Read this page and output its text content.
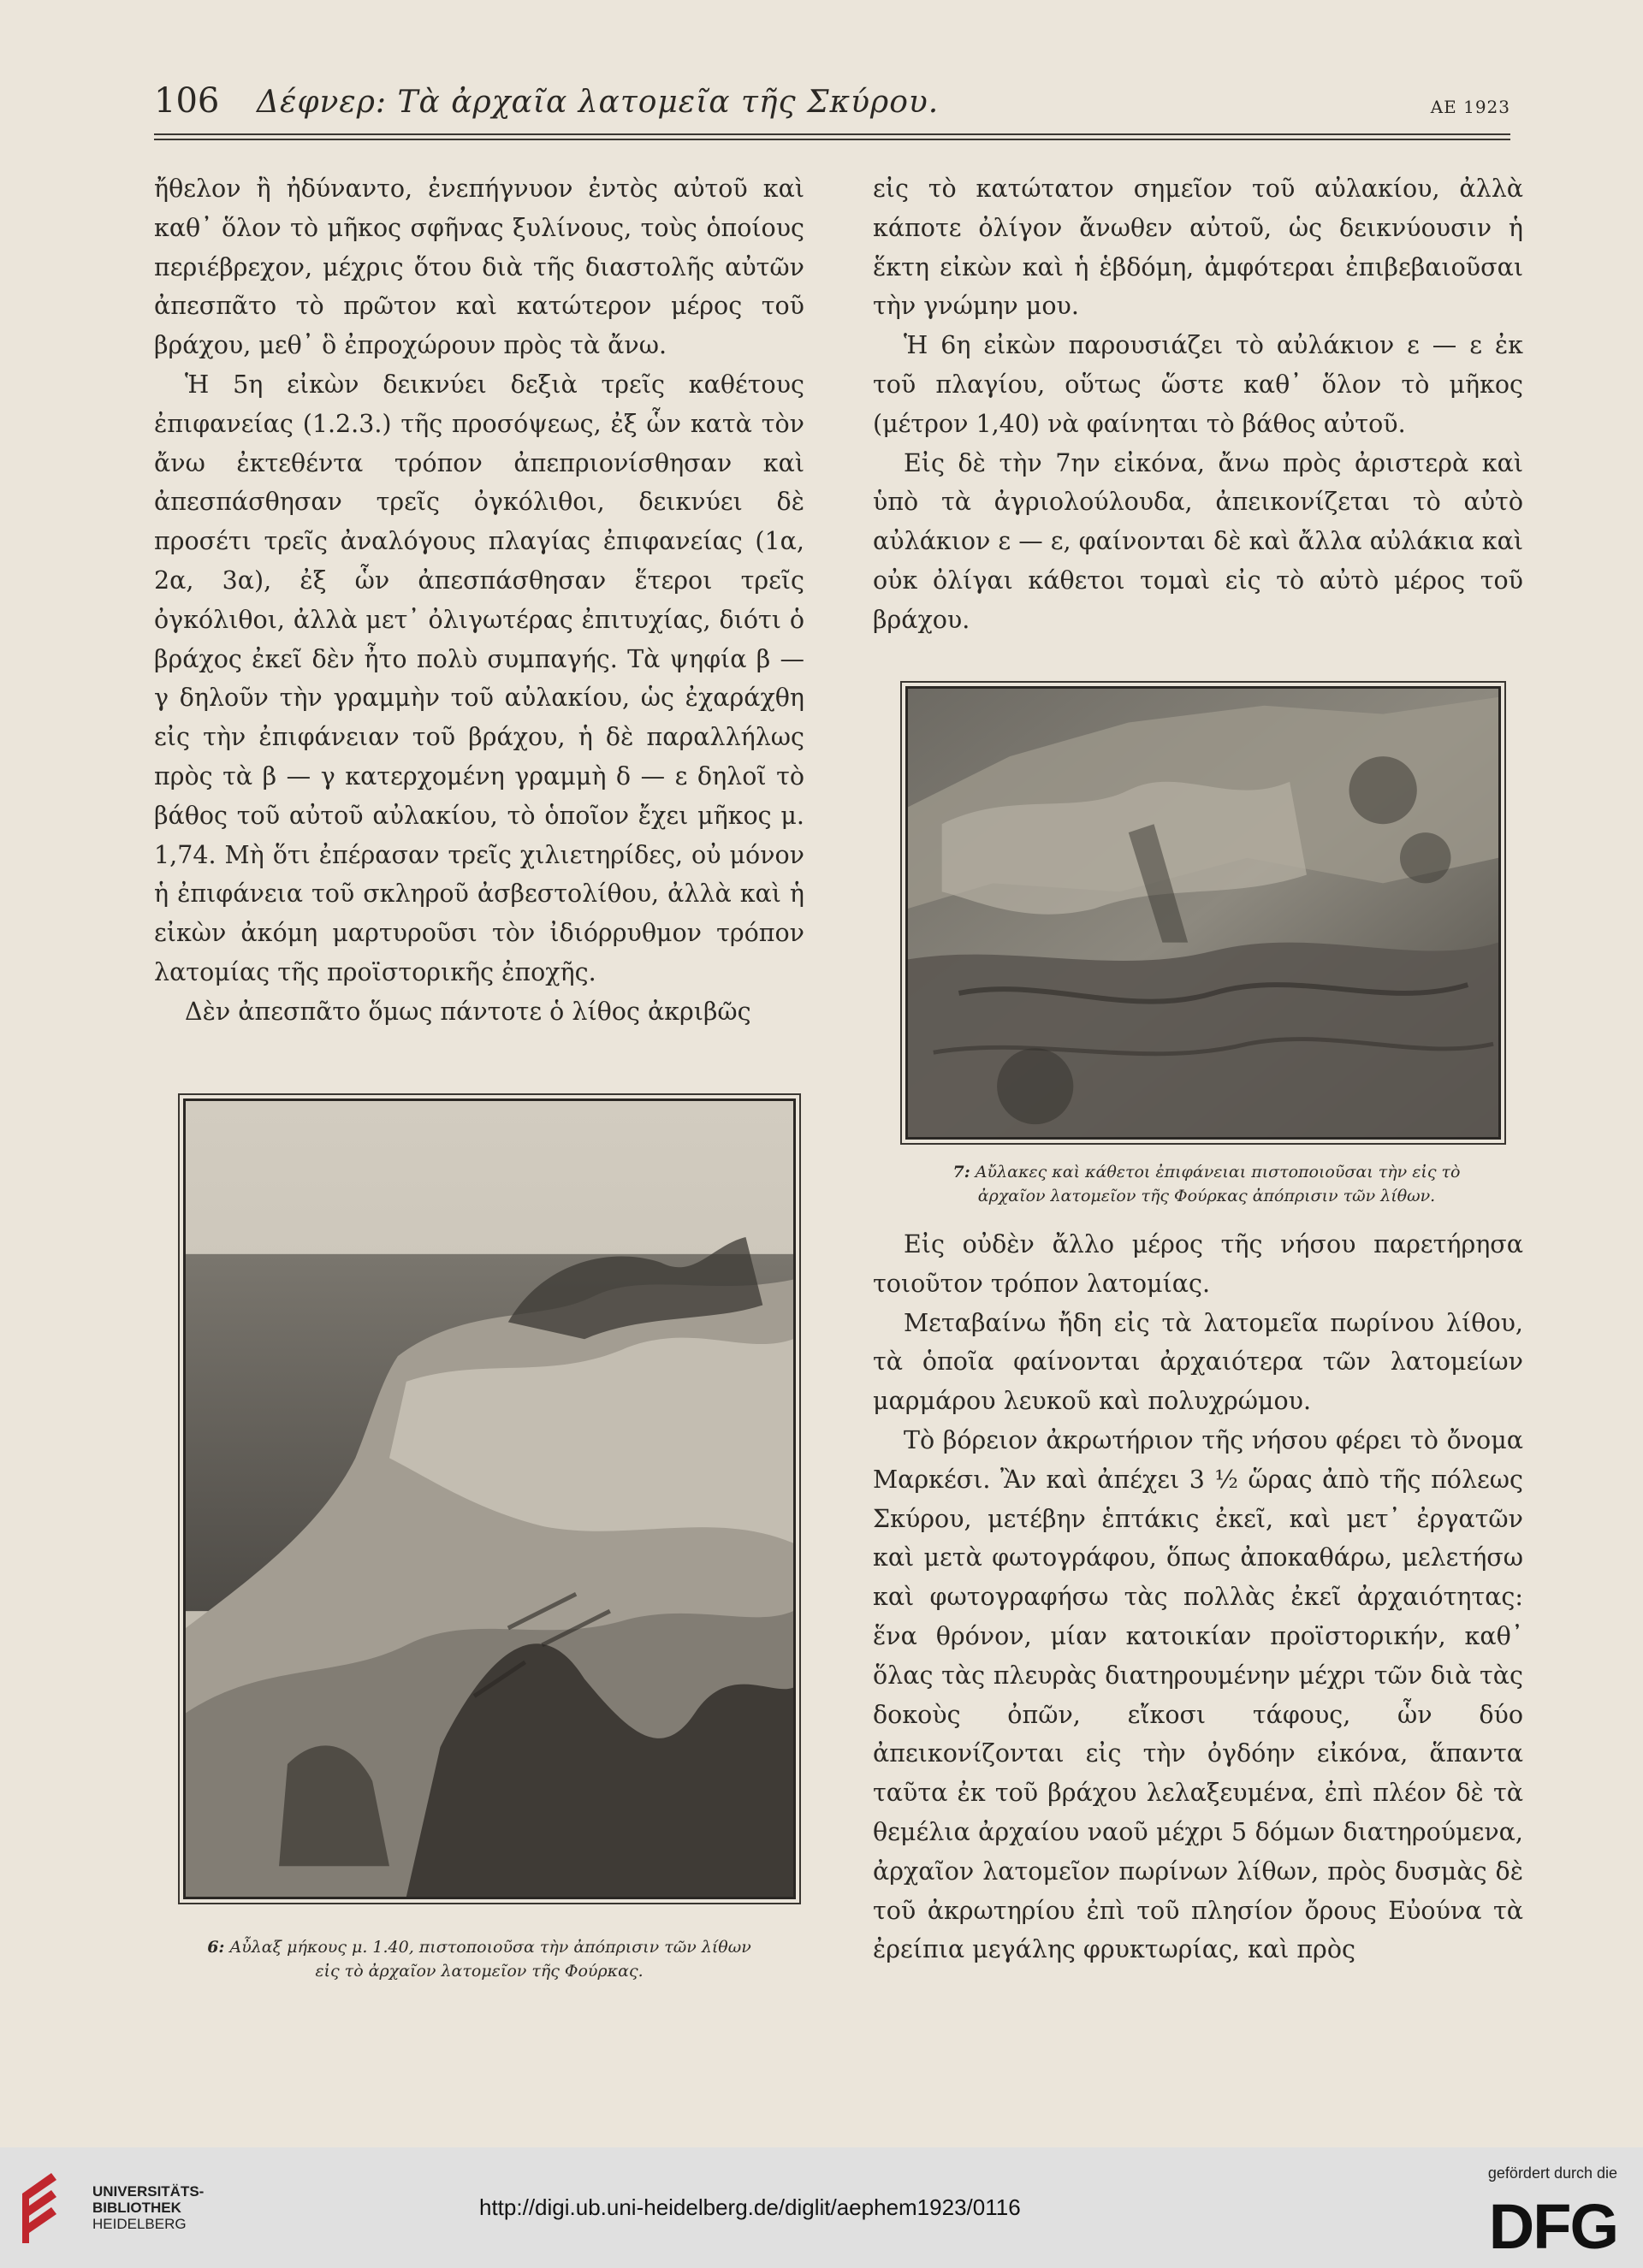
106 Δέφνερ: Τὰ ἀρχαῖα λατομεῖα τῆς Σκύρου.	ΑΕ 1923

ἤθελον ἢ ἠδύναντο, ἐνεπήγνυον ἐντὸς αὐτοῦ καὶ καθ᾽ ὅλον τὸ μῆκος σφῆνας ξυλίνους, τοὺς ὁποίους περιέβρεχον, μέχρις ὅτου διὰ τῆς διαστολῆς αὐτῶν ἀπεσπᾶτο τὸ πρῶτον καὶ κατώτερον μέρος τοῦ βράχου, μεθ᾽ ὃ ἐπροχώρουν πρὸς τὰ ἄνω.

Ἡ 5η εἰκὼν δεικνύει δεξιὰ τρεῖς καθέτους ἐπιφανείας (1.2.3.) τῆς προσόψεως, ἐξ ὧν κατὰ τὸν ἄνω ἐκτεθέντα τρόπον ἀπεπριονίσθησαν καὶ ἀπεσπάσθησαν τρεῖς ὀγκόλιθοι, δεικνύει δὲ προσέτι τρεῖς ἀναλόγους πλαγίας ἐπιφανείας (1α, 2α, 3α), ἐξ ὧν ἀπεσπάσθησαν ἕτεροι τρεῖς ὀγκόλιθοι, ἀλλὰ μετ᾽ ὀλιγωτέρας ἐπιτυχίας, διότι ὁ βράχος ἐκεῖ δὲν ἦτο πολὺ συμπαγής. Τὰ ψηφία β — γ δηλοῦν τὴν γραμμὴν τοῦ αὐλακίου, ὡς ἐχαράχθη εἰς τὴν ἐπιφάνειαν τοῦ βράχου, ἡ δὲ παραλλήλως πρὸς τὰ β — γ κατερχομένη γραμμὴ δ — ε δηλοῖ τὸ βάθος τοῦ αὐτοῦ αὐλακίου, τὸ ὁποῖον ἔχει μῆκος μ. 1,74. Μὴ ὅτι ἐπέρασαν τρεῖς χιλιετηρίδες, οὐ μόνον ἡ ἐπιφάνεια τοῦ σκληροῦ ἀσβεστολίθου, ἀλλὰ καὶ ἡ εἰκὼν ἀκόμη μαρτυροῦσι τὸν ἰδιόρρυθμον τρόπον λατομίας τῆς προϊστορικῆς ἐποχῆς.

Δὲν ἀπεσπᾶτο ὅμως πάντοτε ὁ λίθος ἀκριβῶς

εἰς τὸ κατώτατον σημεῖον τοῦ αὐλακίου, ἀλλὰ κάποτε ὀλίγον ἄνωθεν αὐτοῦ, ὡς δεικνύουσιν ἡ ἕκτη εἰκὼν καὶ ἡ ἑβδόμη, ἀμφότεραι ἐπιβεβαιοῦσαι τὴν γνώμην μου.

Ἡ 6η εἰκὼν παρουσιάζει τὸ αὐλάκιον ε — ε ἐκ τοῦ πλαγίου, οὕτως ὥστε καθ᾽ ὅλον τὸ μῆκος (μέτρον 1,40) νὰ φαίνηται τὸ βάθος αὐτοῦ.

Εἰς δὲ τὴν 7ην εἰκόνα, ἄνω πρὸς ἀριστερὰ καὶ ὑπὸ τὰ ἀγριολούλουδα, ἀπεικονίζεται τὸ αὐτὸ αὐλάκιον ε — ε, φαίνονται δὲ καὶ ἄλλα αὐλάκια καὶ οὐκ ὀλίγαι κάθετοι τομαὶ εἰς τὸ αὐτὸ μέρος τοῦ βράχου.

7: Αὔλακες καὶ κάθετοι ἐπιφάνειαι πιστοποιοῦσαι τὴν εἰς τὸ
ἀρχαῖον λατομεῖον τῆς Φούρκας ἀπόπρισιν τῶν λίθων.

Εἰς οὐδὲν ἄλλο μέρος τῆς νήσου παρετήρησα τοιοῦτον τρόπον λατομίας.

Μεταβαίνω ἤδη εἰς τὰ λατομεῖα πωρίνου λίθου, τὰ ὁποῖα φαίνονται ἀρχαιότερα τῶν λατομείων μαρμάρου λευκοῦ καὶ πολυχρώμου.

Τὸ βόρειον ἀκρωτήριον τῆς νήσου φέρει τὸ ὄνομα Μαρκέσι. Ἂν καὶ ἀπέχει 3 ½ ὥρας ἀπὸ τῆς πόλεως Σκύρου, μετέβην ἑπτάκις ἐκεῖ, καὶ μετ᾽ ἐργατῶν καὶ μετὰ φωτογράφου, ὅπως ἀποκαθάρω, μελετήσω καὶ φωτογραφήσω τὰς πολλὰς ἐκεῖ ἀρχαιότητας: ἕνα θρόνον, μίαν κατοικίαν προϊστορικήν, καθ᾽ ὅλας τὰς πλευρὰς διατηρουμένην μέχρι τῶν διὰ τὰς δοκοὺς ὀπῶν, εἴκοσι τάφους, ὧν δύο ἀπεικονίζονται εἰς τὴν ὀγδόην εἰκόνα, ἅπαντα ταῦτα ἐκ τοῦ βράχου λελαξευμένα, ἐπὶ πλέον δὲ τὰ θεμέλια ἀρχαίου ναοῦ μέχρι 5 δόμων διατηρούμενα, ἀρχαῖον λατομεῖον πωρίνων λίθων, πρὸς δυσμὰς δὲ τοῦ ἀκρωτηρίου ἐπὶ τοῦ πλησίον ὄρους Εὐούνα τὰ ἐρείπια μεγάλης φρυκτωρίας, καὶ πρὸς

6: Αὖλαξ μήκους μ. 1.40, πιστοποιοῦσα τὴν ἀπόπρισιν τῶν λίθων
εἰς τὸ ἀρχαῖον λατομεῖον τῆς Φούρκας.
UNIVERSITÄTS-
BIBLIOTHEK
HEIDELBERG
http://digi.ub.uni-heidelberg.de/diglit/aephem1923/0116
gefördert durch die
DFG
